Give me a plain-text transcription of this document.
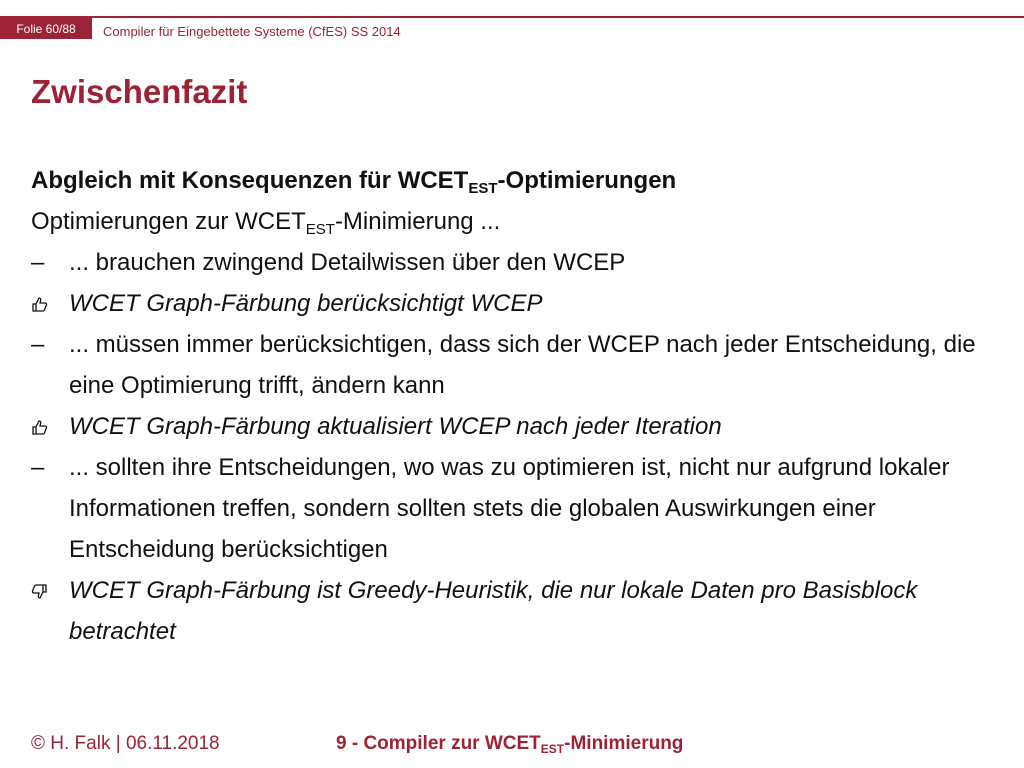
Folie 60/88	Compiler für Eingebettete Systeme (CfES) SS 2014
Zwischenfazit
Abgleich mit Konsequenzen für $WCET_{EST}$-Optimierungen
Optimierungen zur $WCET_{EST}$-Minimierung ...
–	... brauchen zwingend Detailwissen über den WCEP
WCET Graph-Färbung berücksichtigt WCEP
–	... müssen immer berücksichtigen, dass sich der WCEP nach jeder Entscheidung, die eine Optimierung trifft, ändern kann
WCET Graph-Färbung aktualisiert WCEP nach jeder Iteration
–	... sollten ihre Entscheidungen, wo was zu optimieren ist, nicht nur aufgrund lokaler Informationen treffen, sondern sollten stets die globalen Auswirkungen einer Entscheidung berücksichtigen
WCET Graph-Färbung ist Greedy-Heuristik, die nur lokale Daten pro Basisblock betrachtet
© H. Falk | 06.11.2018	9 - Compiler zur $WCET_{EST}$-Minimierung
